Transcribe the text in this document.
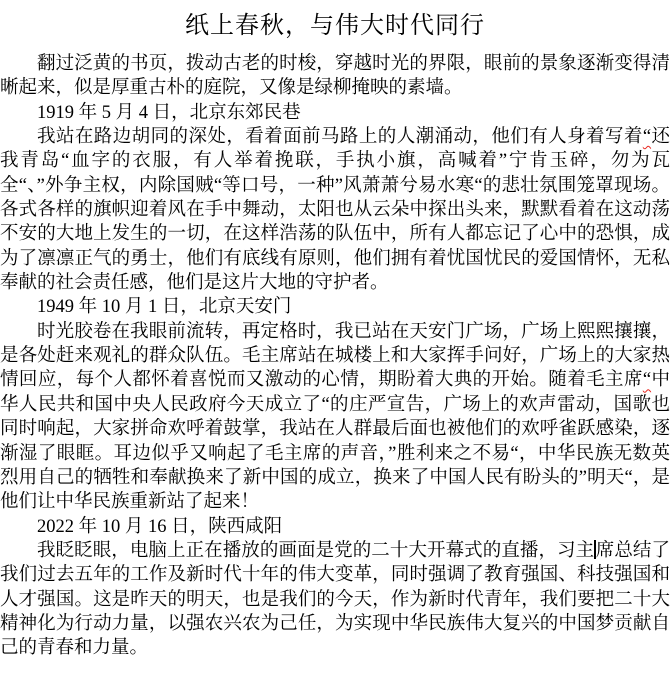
纸上春秋，与伟大时代同行

翻过泛黄的书页，拨动古老的时梭，穿越时光的界限，眼前的景象逐渐变得清晰起来，似是厚重古朴的庭院，又像是绿柳掩映的素墙。

1919 年 5 月 4 日，北京东郊民巷

我站在路边胡同的深处，看着面前马路上的人潮涌动，他们有人身着写着“还我青岛“血字的衣服，有人举着挽联，手执小旗，高喊着”宁肯玉碎，勿为瓦全“、”外争主权，内除国贼“等口号，一种”风萧萧兮易水寒“的悲壮氛围笼罩现场。各式各样的旗帜迎着风在手中舞动，太阳也从云朵中探出头来，默默看着在这动荡不安的大地上发生的一切，在这样浩荡的队伍中，所有人都忘记了心中的恐惧，成为了凛凛正气的勇士，他们有底线有原则，他们拥有着忧国忧民的爱国情怀，无私奉献的社会责任感，他们是这片大地的守护者。

1949 年 10 月 1 日，北京天安门

时光胶卷在我眼前流转，再定格时，我已站在天安门广场，广场上熙熙攘攘，是各处赶来观礼的群众队伍。毛主席站在城楼上和大家挥手问好，广场上的大家热情回应，每个人都怀着喜悦而又激动的心情，期盼着大典的开始。随着毛主席“中华人民共和国中央人民政府今天成立了“的庄严宣告，广场上的欢声雷动，国歌也同时响起，大家拼命欢呼着鼓掌，我站在人群最后面也被他们的欢呼雀跃感染，逐渐湿了眼眶。耳边似乎又响起了毛主席的声音，”胜利来之不易“，中华民族无数英烈用自己的牺牲和奉献换来了新中国的成立，换来了中国人民有盼头的”明天“，是他们让中华民族重新站了起来！

2022 年 10 月 16 日，陕西咸阳

我眨眨眼，电脑上正在播放的画面是党的二十大开幕式的直播，习主席总结了我们过去五年的工作及新时代十年的伟大变革，同时强调了教育强国、科技强国和人才强国。这是昨天的明天，也是我们的今天，作为新时代青年，我们要把二十大精神化为行动力量，以强农兴农为己任，为实现中华民族伟大复兴的中国梦贡献自己的青春和力量。
